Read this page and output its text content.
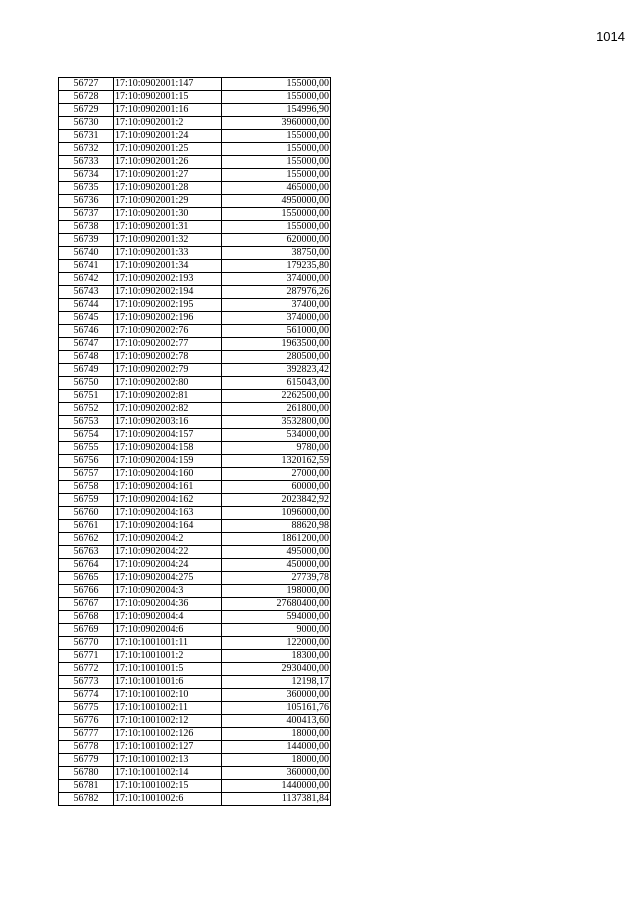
1014
56727	17:10:0902001:147	155000,00
56728	17:10:0902001:15	155000,00
56729	17:10:0902001:16	154996,90
56730	17:10:0902001:2	3960000,00
56731	17:10:0902001:24	155000,00
56732	17:10:0902001:25	155000,00
56733	17:10:0902001:26	155000,00
56734	17:10:0902001:27	155000,00
56735	17:10:0902001:28	465000,00
56736	17:10:0902001:29	4950000,00
56737	17:10:0902001:30	1550000,00
56738	17:10:0902001:31	155000,00
56739	17:10:0902001:32	620000,00
56740	17:10:0902001:33	38750,00
56741	17:10:0902001:34	179235,80
56742	17:10:0902002:193	374000,00
56743	17:10:0902002:194	287976,26
56744	17:10:0902002:195	37400,00
56745	17:10:0902002:196	374000,00
56746	17:10:0902002:76	561000,00
56747	17:10:0902002:77	1963500,00
56748	17:10:0902002:78	280500,00
56749	17:10:0902002:79	392823,42
56750	17:10:0902002:80	615043,00
56751	17:10:0902002:81	2262500,00
56752	17:10:0902002:82	261800,00
56753	17:10:0902003:16	3532800,00
56754	17:10:0902004:157	534000,00
56755	17:10:0902004:158	9780,00
56756	17:10:0902004:159	1320162,59
56757	17:10:0902004:160	27000,00
56758	17:10:0902004:161	60000,00
56759	17:10:0902004:162	2023842,92
56760	17:10:0902004:163	1096000,00
56761	17:10:0902004:164	88620,98
56762	17:10:0902004:2	1861200,00
56763	17:10:0902004:22	495000,00
56764	17:10:0902004:24	450000,00
56765	17:10:0902004:275	27739,78
56766	17:10:0902004:3	198000,00
56767	17:10:0902004:36	27680400,00
56768	17:10:0902004:4	594000,00
56769	17:10:0902004:6	9000,00
56770	17:10:1001001:11	122000,00
56771	17:10:1001001:2	18300,00
56772	17:10:1001001:5	2930400,00
56773	17:10:1001001:6	12198,17
56774	17:10:1001002:10	360000,00
56775	17:10:1001002:11	105161,76
56776	17:10:1001002:12	400413,60
56777	17:10:1001002:126	18000,00
56778	17:10:1001002:127	144000,00
56779	17:10:1001002:13	18000,00
56780	17:10:1001002:14	360000,00
56781	17:10:1001002:15	1440000,00
56782	17:10:1001002:6	1137381,84
